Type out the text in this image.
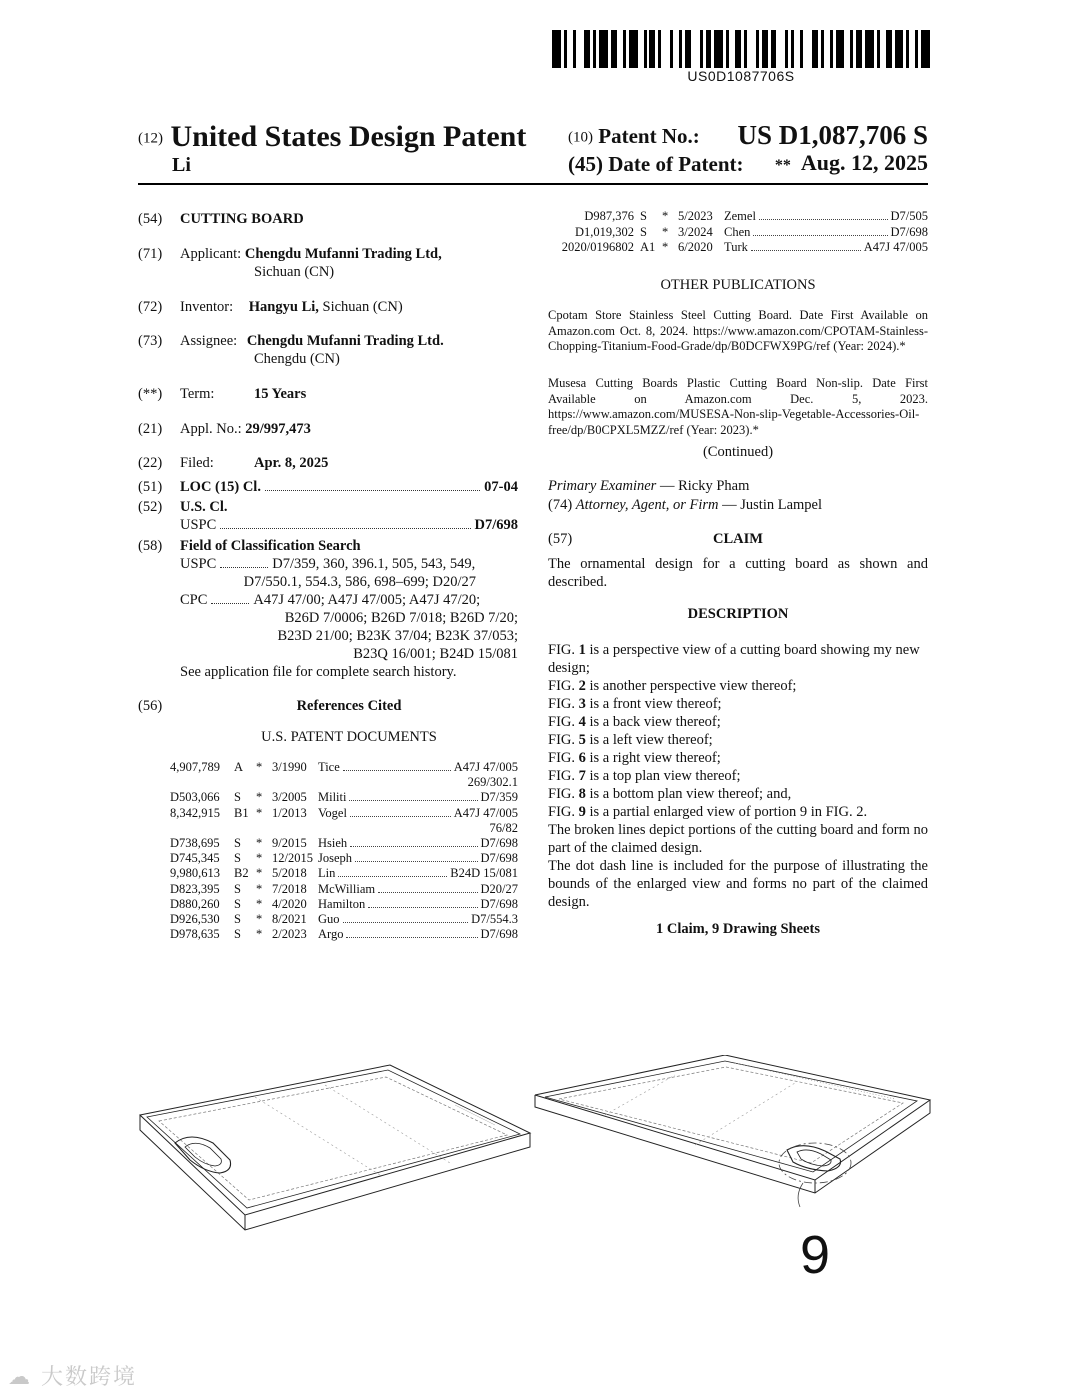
US0D1087706S
(12) United States Design Patent
Li
(10) Patent No.: US D1,087,706 S
(45) Date of Patent: ** Aug. 12, 2025
(54) CUTTING BOARD
(71) Applicant: Chengdu Mufanni Trading Ltd,
Sichuan (CN)
(72) Inventor: Hangyu Li, Sichuan (CN)
(73) Assignee: Chengdu Mufanni Trading Ltd.
Chengdu (CN)
(**) Term:	15 Years
(21) Appl. No.: 29/997,473
(22) Filed:	Apr. 8, 2025
(51) LOC (15) Cl.	07-04
(52) U.S. Cl.
USPC	D7/698
(58) Field of Classification Search
USPC	D7/359, 360, 396.1, 505, 543, 549,
D7/550.1, 554.3, 586, 698–699; D20/27
CPC	A47J 47/00; A47J 47/005; A47J 47/20;
B26D 7/0006; B26D 7/018; B26D 7/20;
B23D 21/00; B23K 37/04; B23K 37/053;
B23Q 16/001; B24D 15/081
See application file for complete search history.
(56)	References Cited
U.S. PATENT DOCUMENTS
4,907,789	A	* 3/1990 Tice	A47J 47/005
269/302.1
D503,066	S	* 3/2005 Militi	D7/359
8,342,915	B1 * 1/2013 Vogel	A47J 47/005
76/82
D738,695	S	* 9/2015 Hsieh	D7/698
D745,345	S	* 12/2015 Joseph	D7/698
9,980,613	B2 * 5/2018 Lin	B24D 15/081
D823,395	S	* 7/2018 McWilliam	D20/27
D880,260	S	* 4/2020 Hamilton	D7/698
D926,530	S	* 8/2021 Guo	D7/554.3
D978,635	S	* 2/2023 Argo	D7/698
D987,376 S	* 5/2023 Zemel	D7/505
D1,019,302 S	* 3/2024 Chen	D7/698
2020/0196802 A1 * 6/2020 Turk	A47J 47/005
OTHER PUBLICATIONS
Cpotam Store Stainless Steel Cutting Board. Date First Available on Amazon.com Oct. 8, 2024. https://www.amazon.com/CPOTAM-Stainless-Chopping-Titanium-Food-Grade/dp/B0DCFWX9PG/ref (Year: 2024).*
Musesa Cutting Boards Plastic Cutting Board Non-slip. Date First Available on Amazon.com Dec. 5, 2023. https://www.amazon.com/MUSESA-Non-slip-Vegetable-Accessories-Oil-free/dp/B0CPXL5MZZ/ref (Year: 2023).*
(Continued)
Primary Examiner — Ricky Pham
(74) Attorney, Agent, or Firm — Justin Lampel
(57)	CLAIM
The ornamental design for a cutting board as shown and described.
DESCRIPTION
FIG. 1 is a perspective view of a cutting board showing my new design;
FIG. 2 is another perspective view thereof;
FIG. 3 is a front view thereof;
FIG. 4 is a back view thereof;
FIG. 5 is a left view thereof;
FIG. 6 is a right view thereof;
FIG. 7 is a top plan view thereof;
FIG. 8 is a bottom plan view thereof; and,
FIG. 9 is a partial enlarged view of portion 9 in FIG. 2.
The broken lines depict portions of the cutting board and form no part of the claimed design.
The dot dash line is included for the purpose of illustrating the bounds of the enlarged view and forms no part of the claimed design.
1 Claim, 9 Drawing Sheets
9
☁ 大数跨境
